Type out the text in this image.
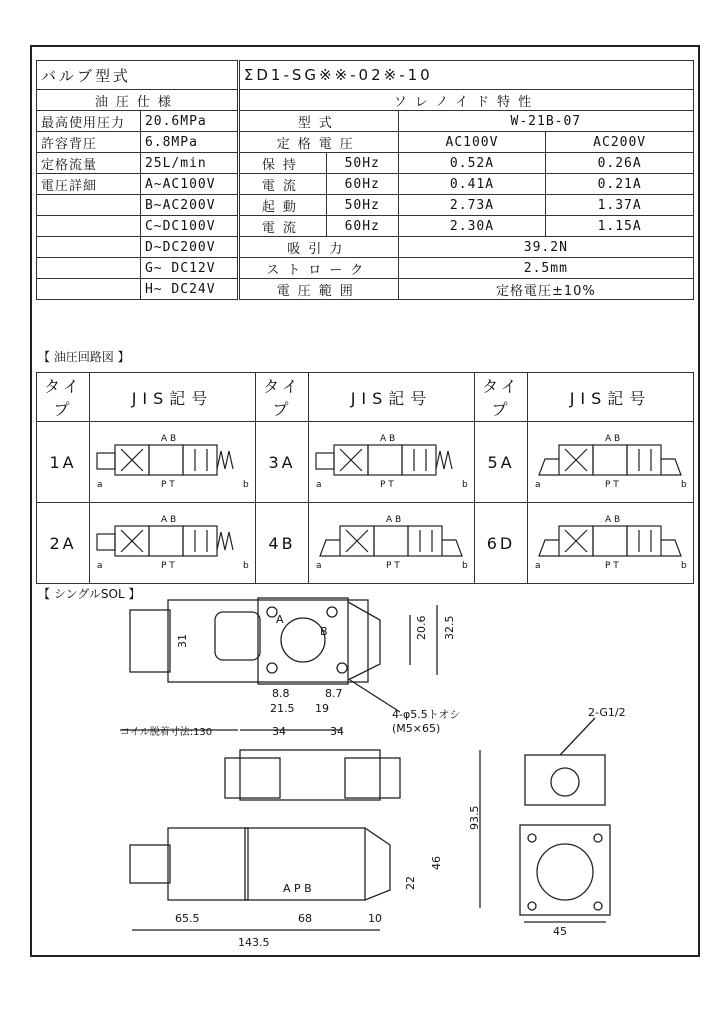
バルブ型式		ΣD1-SG※※-02※-10			
油圧仕様		ソレノイド特性			
最高使用圧力	20.6MPa	型式		W-21B-07	
許容背圧	6.8MPa	定格電圧		AC100V	AC200V
定格流量	25L/min	保持	50Hz	0.52A	0.26A
電圧詳細	A~AC100V	電流	60Hz	0.41A	0.21A
	B~AC200V	起動	50Hz	2.73A	1.37A
	C~DC100V	電流	60Hz	2.30A	1.15A
	D~DC200V	吸引力		39.2N	
	G~ DC12V	ストローク		2.5mm	
	H~ DC24V	電圧範囲		定格電圧±10%	
【 油圧回路図 】
タイプ	JIS記号	タイプ	JIS記号	タイプ	JIS記号
1A	A B
P T
a b	3A	A B
P T
a b	5A	A B
P T
a b

2A	A B
P T
a b	4B	A B
P T
a b	6D	A B
P T
a b
【 シングルSOL 】
31
20.6 32.5
8.8	8.7
21.5 19
コイル脱着寸法:130	34	34
4-φ5.5トオシ
(M5×65)
2-G1/2
A
B
A P B
93.5
46
22
65.5	68	10
143.5
45
